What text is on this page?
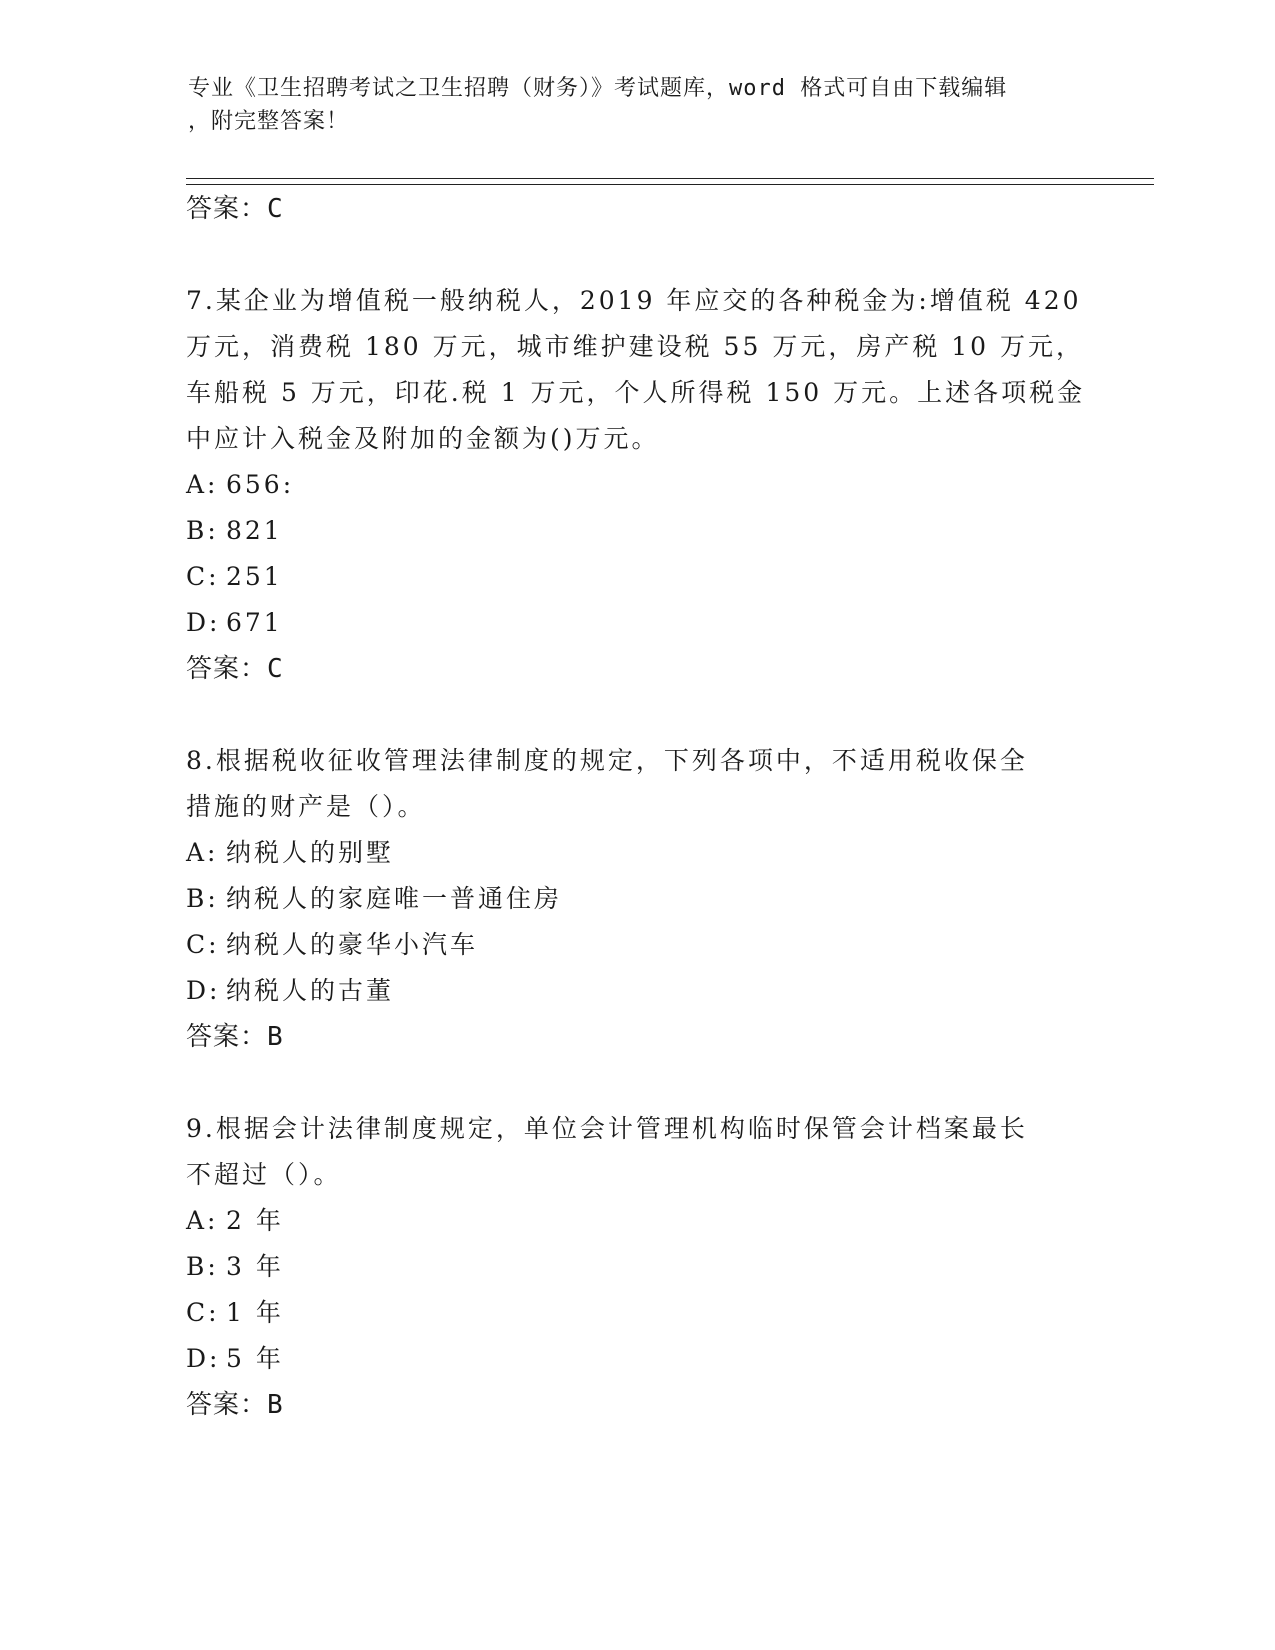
专业《卫生招聘考试之卫生招聘（财务）》考试题库，word 格式可自由下载编辑
，附完整答案！
答案：C
7.某企业为增值税一般纳税人，2019 年应交的各种税金为:增值税 420
万元，消费税 180 万元，城市维护建设税 55 万元，房产税 10 万元，
车船税 5 万元，印花.税 1 万元，个人所得税 150 万元。上述各项税金
中应计入税金及附加的金额为()万元。
A: 656:
B: 821
C: 251
D: 671
答案：C
8.根据税收征收管理法律制度的规定，下列各项中，不适用税收保全
措施的财产是（）。
A: 纳税人的别墅
B: 纳税人的家庭唯一普通住房
C: 纳税人的豪华小汽车
D: 纳税人的古董
答案：B
9.根据会计法律制度规定，单位会计管理机构临时保管会计档案最长
不超过（）。
A: 2 年
B: 3 年
C: 1 年
D: 5 年
答案：B
